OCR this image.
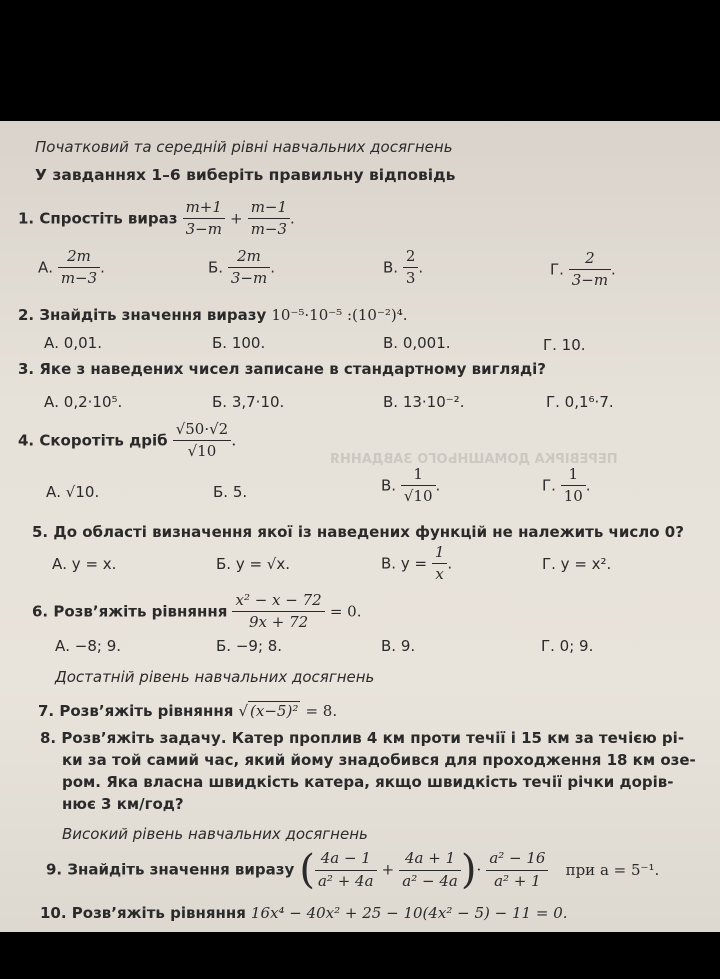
ПЕРЕВІРКА ДОМАШНЬОГО ЗАВДАННЯ
Початковий та середній рівні навчальних досягнень
У завданнях 1–6 виберіть правильну відповідь
1. Спростіть вираз $\frac{m+1}{3-m} + \frac{m-1}{m-3}$ .
А. $\frac{2m}{m-3}$ .	Б. $\frac{2m}{3-m}$ .	В. $\frac{2}{3}$ .	Г. $\frac{2}{3-m}$ .
2. Знайдіть значення виразу 10⁻⁵·10⁻⁵ :(10⁻²)⁴.
А. 0,01.	Б. 100.	В. 0,001.	Г. 10.
3. Яке з наведених чисел записане в стандартному вигляді?
А. 0,2·10⁵.	Б. 3,7·10.	В. 13·10⁻².	Г. 0,1⁶·7.
4. Скоротіть дріб $\frac{√50\cdot√2}{√10}$ .
А. √10.	Б. 5.	В. $\frac{1}{√10}$ .	Г. $\frac{1}{10}$ .
5. До області визначення якої із наведених функцій не належить число 0?
А. y = x.	Б. y = √x.	В. $y = \frac{1}{x}$ .	Г. y = x².
6. Розв’яжіть рівняння $\frac{\text{x² − x − 72}}{9x + 72} = 0$.
А. −8; 9.	Б. −9; 8.	В. 9.	Г. 0; 9.
Достатній рівень навчальних досягнень
7. Розв’яжіть рівняння √ (x−5)² = 8.
8. Розв’яжіть задачу. Катер проплив 4 км проти течії і 15 км за течією рі-
ки за той самий час, який йому знадобився для проходження 18 км озе-
ром. Яка власна швидкість катера, якщо швидкість течії річки дорів-
нює 3 км/год?
Високий рівень навчальних досягнень
9. Знайдіть значення виразу ( $\frac{4a - 1}{\text{a² + 4a}} + \frac{4a + 1}{\text{a² − 4a}}$ )· $\frac{\text{a² − 16}}{\text{a² + 1}}$ при a = 5⁻¹.
10. Розв’яжіть рівняння 16x⁴ − 40x² + 25 − 10(4x² − 5) − 11 = 0.
